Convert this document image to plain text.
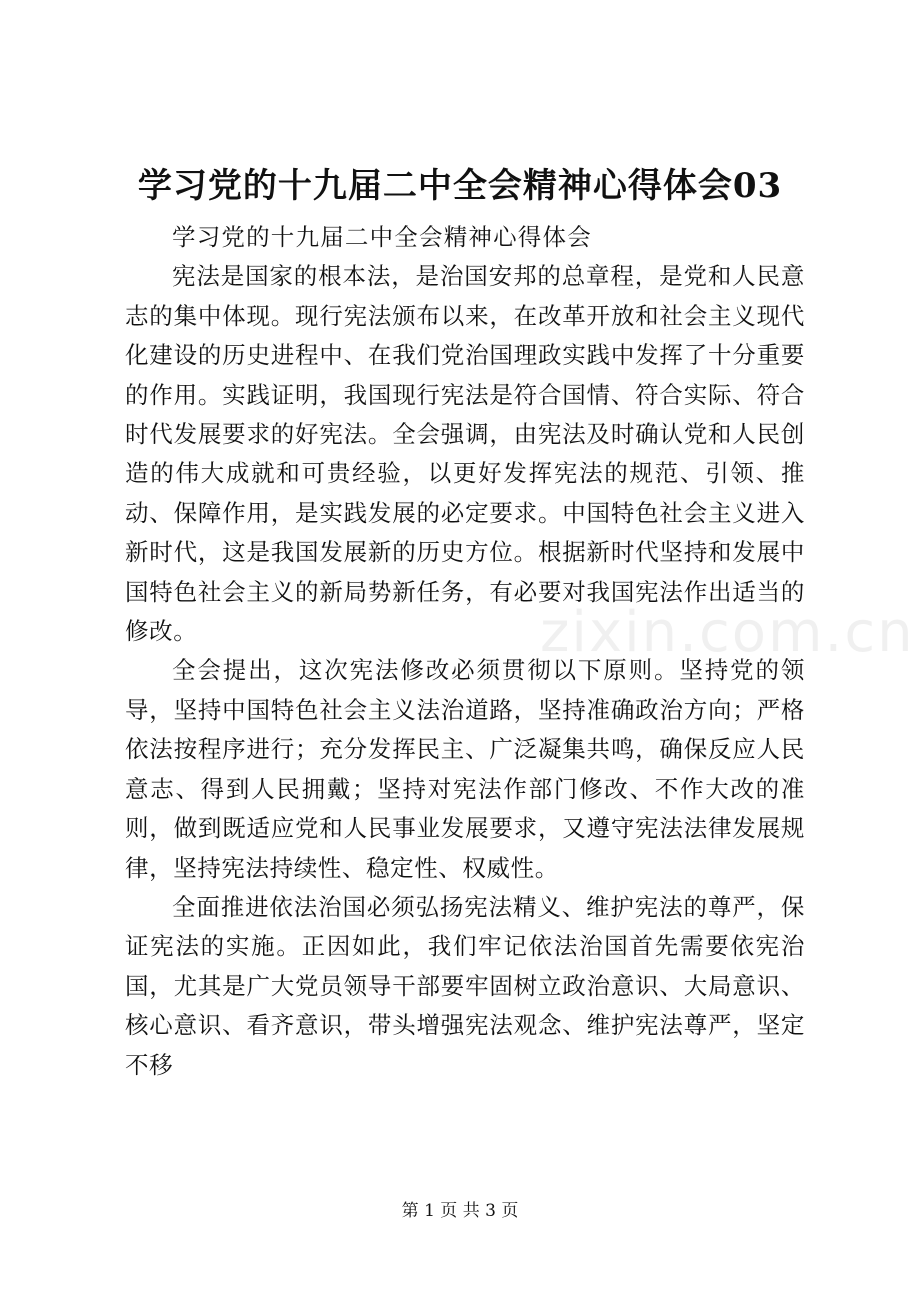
学习党的十九届二中全会精神心得体会03

学习党的十九届二中全会精神心得体会

宪法是国家的根本法，是治国安邦的总章程，是党和人民意志的集中体现。现行宪法颁布以来，在改革开放和社会主义现代化建设的历史进程中、在我们党治国理政实践中发挥了十分重要的作用。实践证明，我国现行宪法是符合国情、符合实际、符合时代发展要求的好宪法。全会强调，由宪法及时确认党和人民创造的伟大成就和可贵经验，以更好发挥宪法的规范、引领、推动、保障作用，是实践发展的必定要求。中国特色社会主义进入新时代，这是我国发展新的历史方位。根据新时代坚持和发展中国特色社会主义的新局势新任务，有必要对我国宪法作出适当的修改。

全会提出，这次宪法修改必须贯彻以下原则。坚持党的领导，坚持中国特色社会主义法治道路，坚持准确政治方向；严格依法按程序进行；充分发挥民主、广泛凝集共鸣，确保反应人民意志、得到人民拥戴；坚持对宪法作部门修改、不作大改的准则，做到既适应党和人民事业发展要求，又遵守宪法法律发展规律，坚持宪法持续性、稳定性、权威性。

全面推进依法治国必须弘扬宪法精义、维护宪法的尊严，保证宪法的实施。正因如此，我们牢记依法治国首先需要依宪治国，尤其是广大党员领导干部要牢固树立政治意识、大局意识、核心意识、看齐意识，带头增强宪法观念、维护宪法尊严，坚定不移

zixin.com.cn
第 1 页 共 3 页
